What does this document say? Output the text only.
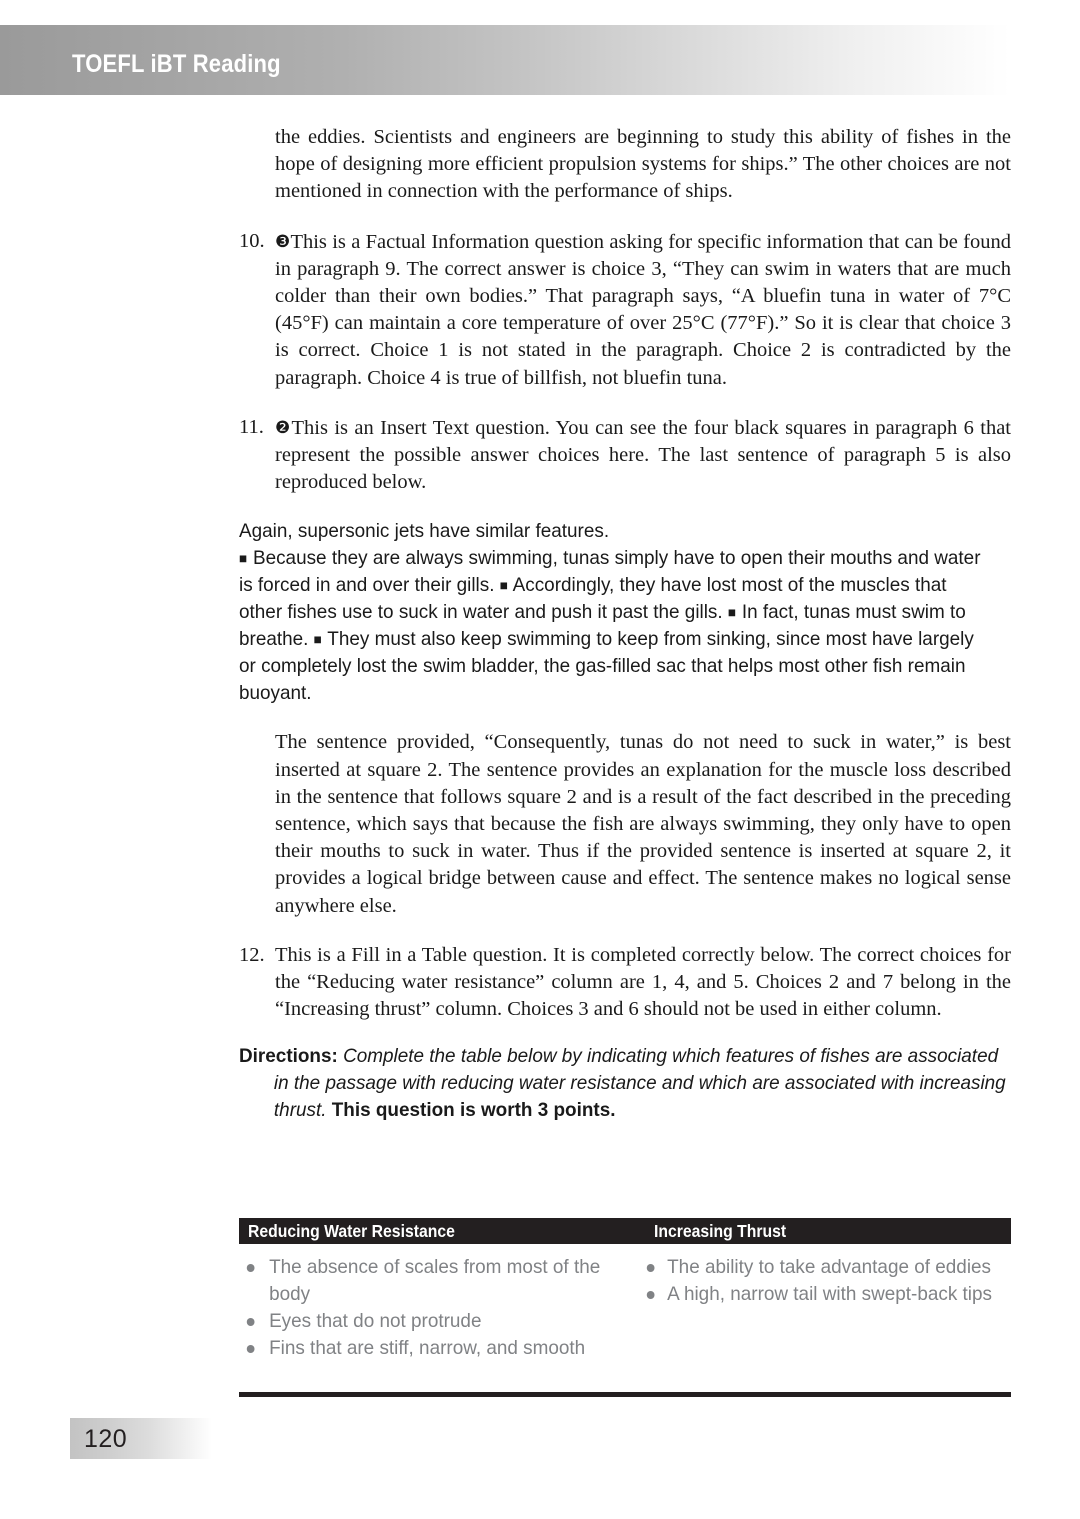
TOEFL iBT Reading

the eddies. Scientists and engineers are beginning to study this ability of fishes in the hope of designing more efficient propulsion systems for ships.” The other choices are not mentioned in connection with the performance of ships.

10. ❸This is a Factual Information question asking for specific information that can be found in paragraph 9. The correct answer is choice 3, “They can swim in waters that are much colder than their own bodies.” That paragraph says, “A bluefin tuna in water of 7°C (45°F) can maintain a core temperature of over 25°C (77°F).” So it is clear that choice 3 is correct. Choice 1 is not stated in the paragraph. Choice 2 is contradicted by the paragraph. Choice 4 is true of billfish, not bluefin tuna.
11. ❷This is an Insert Text question. You can see the four black squares in paragraph 6 that represent the possible answer choices here. The last sentence of paragraph 5 is also reproduced below.

Again, supersonic jets have similar features.

■ Because they are always swimming, tunas simply have to open their mouths and water is forced in and over their gills. ■ Accordingly, they have lost most of the muscles that other fishes use to suck in water and push it past the gills. ■ In fact, tunas must swim to breathe. ■ They must also keep swimming to keep from sinking, since most have largely or completely lost the swim bladder, the gas-filled sac that helps most other fish remain buoyant.

The sentence provided, “Consequently, tunas do not need to suck in water,” is best inserted at square 2. The sentence provides an explanation for the muscle loss described in the sentence that follows square 2 and is a result of the fact described in the preceding sentence, which says that because the fish are always swimming, they only have to open their mouths to suck in water. Thus if the provided sentence is inserted at square 2, it provides a logical bridge between cause and effect. The sentence makes no logical sense anywhere else.

12. This is a Fill in a Table question. It is completed correctly below. The correct choices for the “Reducing water resistance” column are 1, 4, and 5. Choices 2 and 7 belong in the “Increasing thrust” column. Choices 3 and 6 should not be used in either column.
Directions: Complete the table below by indicating which features of fishes are associated in the passage with reducing water resistance and which are associated with increasing thrust. This question is worth 3 points.
Reducing Water Resistance	Increasing Thrust
The absence of scales from most of the body
Eyes that do not protrude
Fins that are stiff, narrow, and smooth
The ability to take advantage of eddies
A high, narrow tail with swept-back tips
120
